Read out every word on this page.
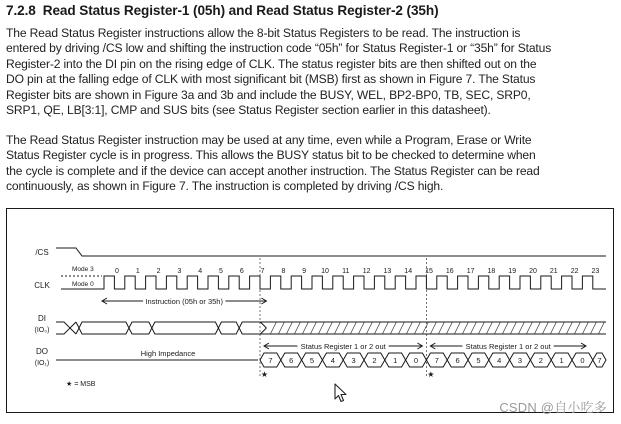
7.2.8 Read Status Register-1 (05h) and Read Status Register-2 (35h)
The Read Status Register instructions allow the 8-bit Status Registers to be read. The instruction is
entered by driving /CS low and shifting the instruction code “05h” for Status Register-1 or “35h” for Status
Register-2 into the DI pin on the rising edge of CLK. The status register bits are then shifted out on the
DO pin at the falling edge of CLK with most significant bit (MSB) first as shown in Figure 7. The Status
Register bits are shown in Figure 3a and 3b and include the BUSY, WEL, BP2-BP0, TB, SEC, SRP0,
SRP1, QE, LB[3:1], CMP and SUS bits (see Status Register section earlier in this datasheet).
The Read Status Register instruction may be used at any time, even while a Program, Erase or Write
Status Register cycle is in progress. This allows the BUSY status bit to be checked to determine when
the cycle is complete and if the device can accept another instruction. The Status Register can be read
continuously, as shown in Figure 7. The instruction is completed by driving /CS high.
/CS
CLK
DI
(IO₀)
DO
(IO₁)
0 1 2 3 4 5 6 7 8 9 10 11 12 13 14 15 16 17 18 19 20 21 22 23
Mode 3
Mode 0
Instruction (05h or 35h)
Status Register 1 or 2 out	Status Register 1 or 2 out
High Impedance
7 6 5 4 3 2 1 0 7 6 5 4 3 2 1 0 7
★	★
★ = MSB
CSDN @自小吃多
